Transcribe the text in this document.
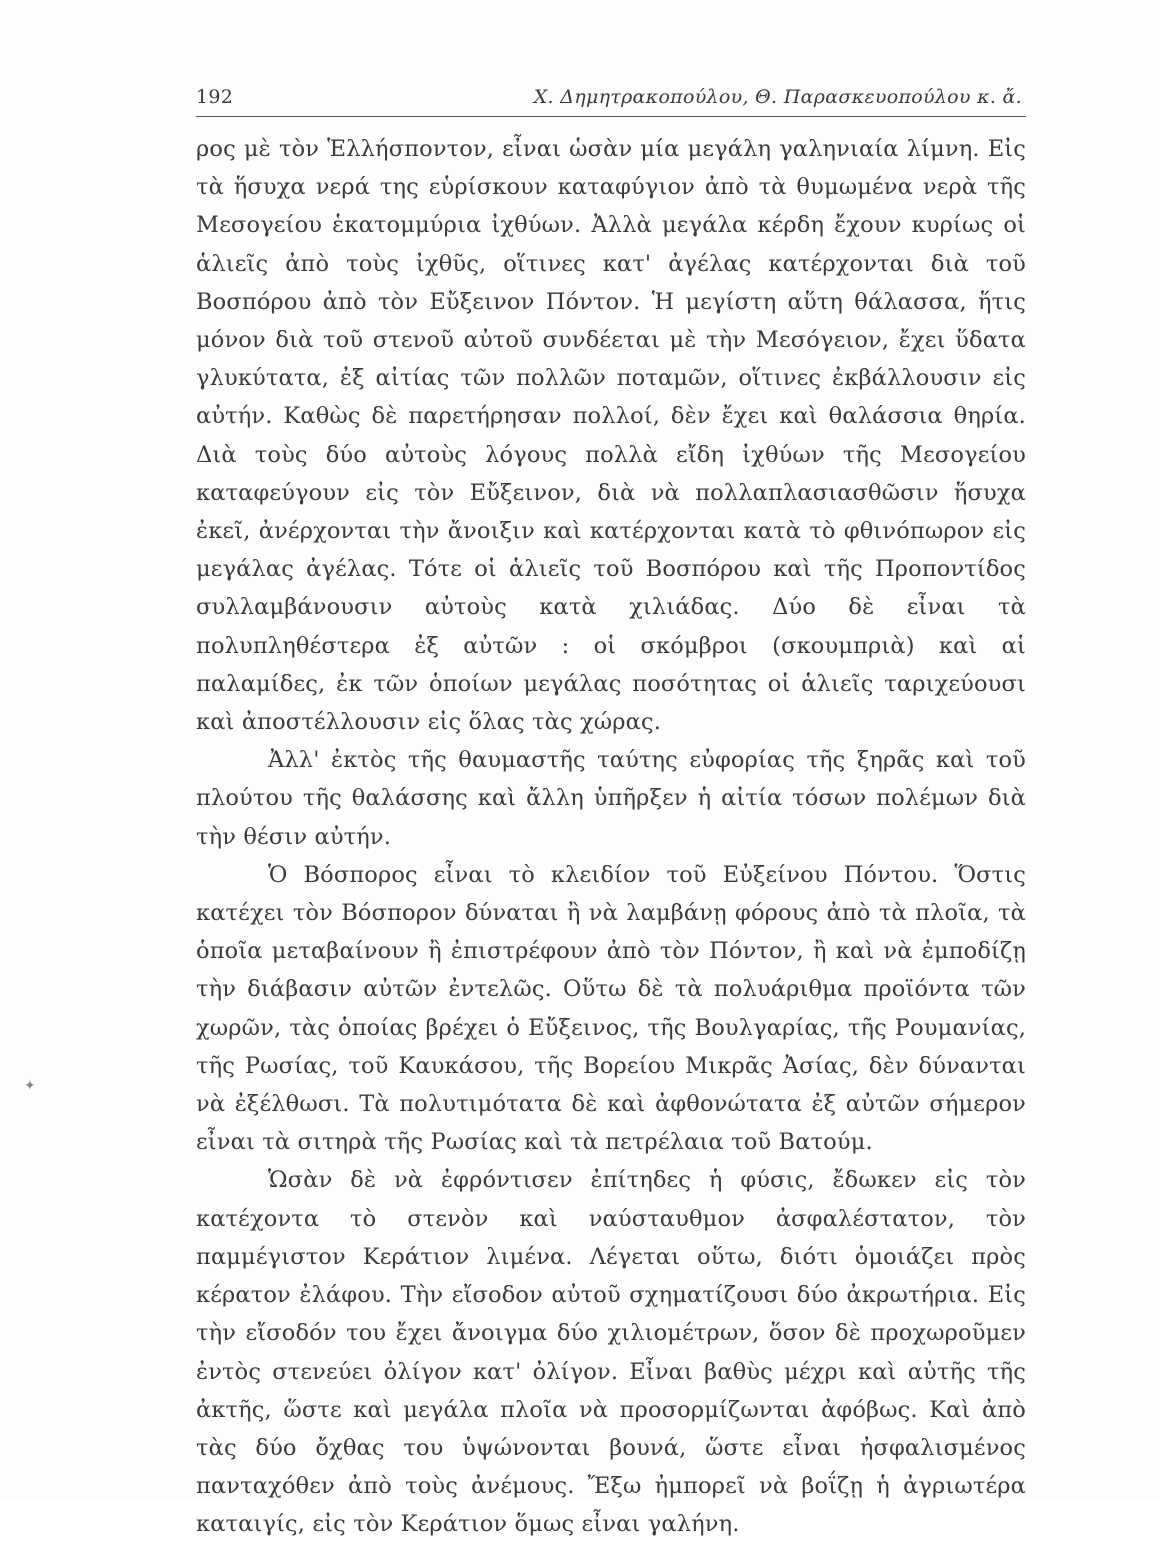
192	Χ. Δημητρακοπούλου, Θ. Παρασκευοπούλου κ. ἄ.

ρος μὲ τὸν Ἑλλήσποντον, εἶναι ὡσὰν μία μεγάλη γαληνιαία λίμνη. Εἰς τὰ ἥσυχα νερά της εὑρίσκουν καταφύγιον ἀπὸ τὰ θυμωμένα νερὰ τῆς Μεσογείου ἑκατομμύρια ἰχθύων. Ἀλλὰ μεγάλα κέρδη ἔχουν κυρίως οἱ ἁλιεῖς ἀπὸ τοὺς ἰχθῦς, οἵτινες κατ' ἀγέλας κατέρχονται διὰ τοῦ Βοσπόρου ἀπὸ τὸν Εὔξεινον Πόντον. Ἡ μεγίστη αὕτη θάλασσα, ἥτις μόνον διὰ τοῦ στενοῦ αὐτοῦ συνδέεται μὲ τὴν Μεσόγειον, ἔχει ὕδατα γλυκύτατα, ἐξ αἰτίας τῶν πολλῶν ποταμῶν, οἵτινες ἐκβάλλουσιν εἰς αὐτήν. Καθὼς δὲ παρετήρησαν πολλοί, δὲν ἔχει καὶ θαλάσσια θηρία. Διὰ τοὺς δύο αὐτοὺς λόγους πολλὰ εἴδη ἰχθύων τῆς Μεσογείου καταφεύγουν εἰς τὸν Εὔξεινον, διὰ νὰ πολλαπλασιασθῶσιν ἥσυχα ἐκεῖ, ἀνέρχονται τὴν ἄνοιξιν καὶ κατέρχονται κατὰ τὸ φθινόπωρον εἰς μεγάλας ἀγέλας. Τότε οἱ ἁλιεῖς τοῦ Βοσπόρου καὶ τῆς Προποντίδος συλλαμβάνουσιν αὐτοὺς κατὰ χιλιάδας. Δύο δὲ εἶναι τὰ πολυπληθέστερα ἐξ αὐτῶν : οἱ σκόμβροι (σκουμπριὰ) καὶ αἱ παλαμίδες, ἐκ τῶν ὁποίων μεγάλας ποσότητας οἱ ἁλιεῖς ταριχεύουσι καὶ ἀποστέλλουσιν εἰς ὅλας τὰς χώρας.

Ἀλλ' ἐκτὸς τῆς θαυμαστῆς ταύτης εὐφορίας τῆς ξηρᾶς καὶ τοῦ πλούτου τῆς θαλάσσης καὶ ἄλλη ὑπῆρξεν ἡ αἰτία τόσων πολέμων διὰ τὴν θέσιν αὐτήν.

Ὁ Βόσπορος εἶναι τὸ κλειδίον τοῦ Εὐξείνου Πόντου. Ὅστις κατέχει τὸν Βόσπορον δύναται ἢ νὰ λαμβάνῃ φόρους ἀπὸ τὰ πλοῖα, τὰ ὁποῖα μεταβαίνουν ἢ ἐπιστρέφουν ἀπὸ τὸν Πόντον, ἢ καὶ νὰ ἐμποδίζῃ τὴν διάβασιν αὐτῶν ἐντελῶς. Οὕτω δὲ τὰ πολυάριθμα προϊόντα τῶν χωρῶν, τὰς ὁποίας βρέχει ὁ Εὔξεινος, τῆς Βουλγαρίας, τῆς Ρουμανίας, τῆς Ρωσίας, τοῦ Καυκάσου, τῆς Βορείου Μικρᾶς Ἀσίας, δὲν δύνανται νὰ ἐξέλθωσι. Τὰ πολυτιμότατα δὲ καὶ ἀφθονώτατα ἐξ αὐτῶν σήμερον εἶναι τὰ σιτηρὰ τῆς Ρωσίας καὶ τὰ πετρέλαια τοῦ Βατούμ.

Ὡσὰν δὲ νὰ ἐφρόντισεν ἐπίτηδες ἡ φύσις, ἔδωκεν εἰς τὸν κατέχοντα τὸ στενὸν καὶ ναύσταυθμον ἀσφαλέστατον, τὸν παμμέγιστον Κεράτιον λιμένα. Λέγεται οὕτω, διότι ὁμοιάζει πρὸς κέρατον ἐλάφου. Τὴν εἴσοδον αὐτοῦ σχηματίζουσι δύο ἀκρωτήρια. Εἰς τὴν εἴσοδόν του ἔχει ἄνοιγμα δύο χιλιομέτρων, ὅσον δὲ προχωροῦμεν ἐντὸς στενεύει ὀλίγον κατ' ὀλίγον. Εἶναι βαθὺς μέχρι καὶ αὐτῆς τῆς ἀκτῆς, ὥστε καὶ μεγάλα πλοῖα νὰ προσορμίζωνται ἀφόβως. Καὶ ἀπὸ τὰς δύο ὄχθας του ὑψώνονται βουνά, ὥστε εἶναι ἠσφαλισμένος πανταχόθεν ἀπὸ τοὺς ἀνέμους. Ἔξω ἠμπορεῖ νὰ βοΐζῃ ἡ ἀγριωτέρα καταιγίς, εἰς τὸν Κεράτιον ὅμως εἶναι γαλήνη.

✦
